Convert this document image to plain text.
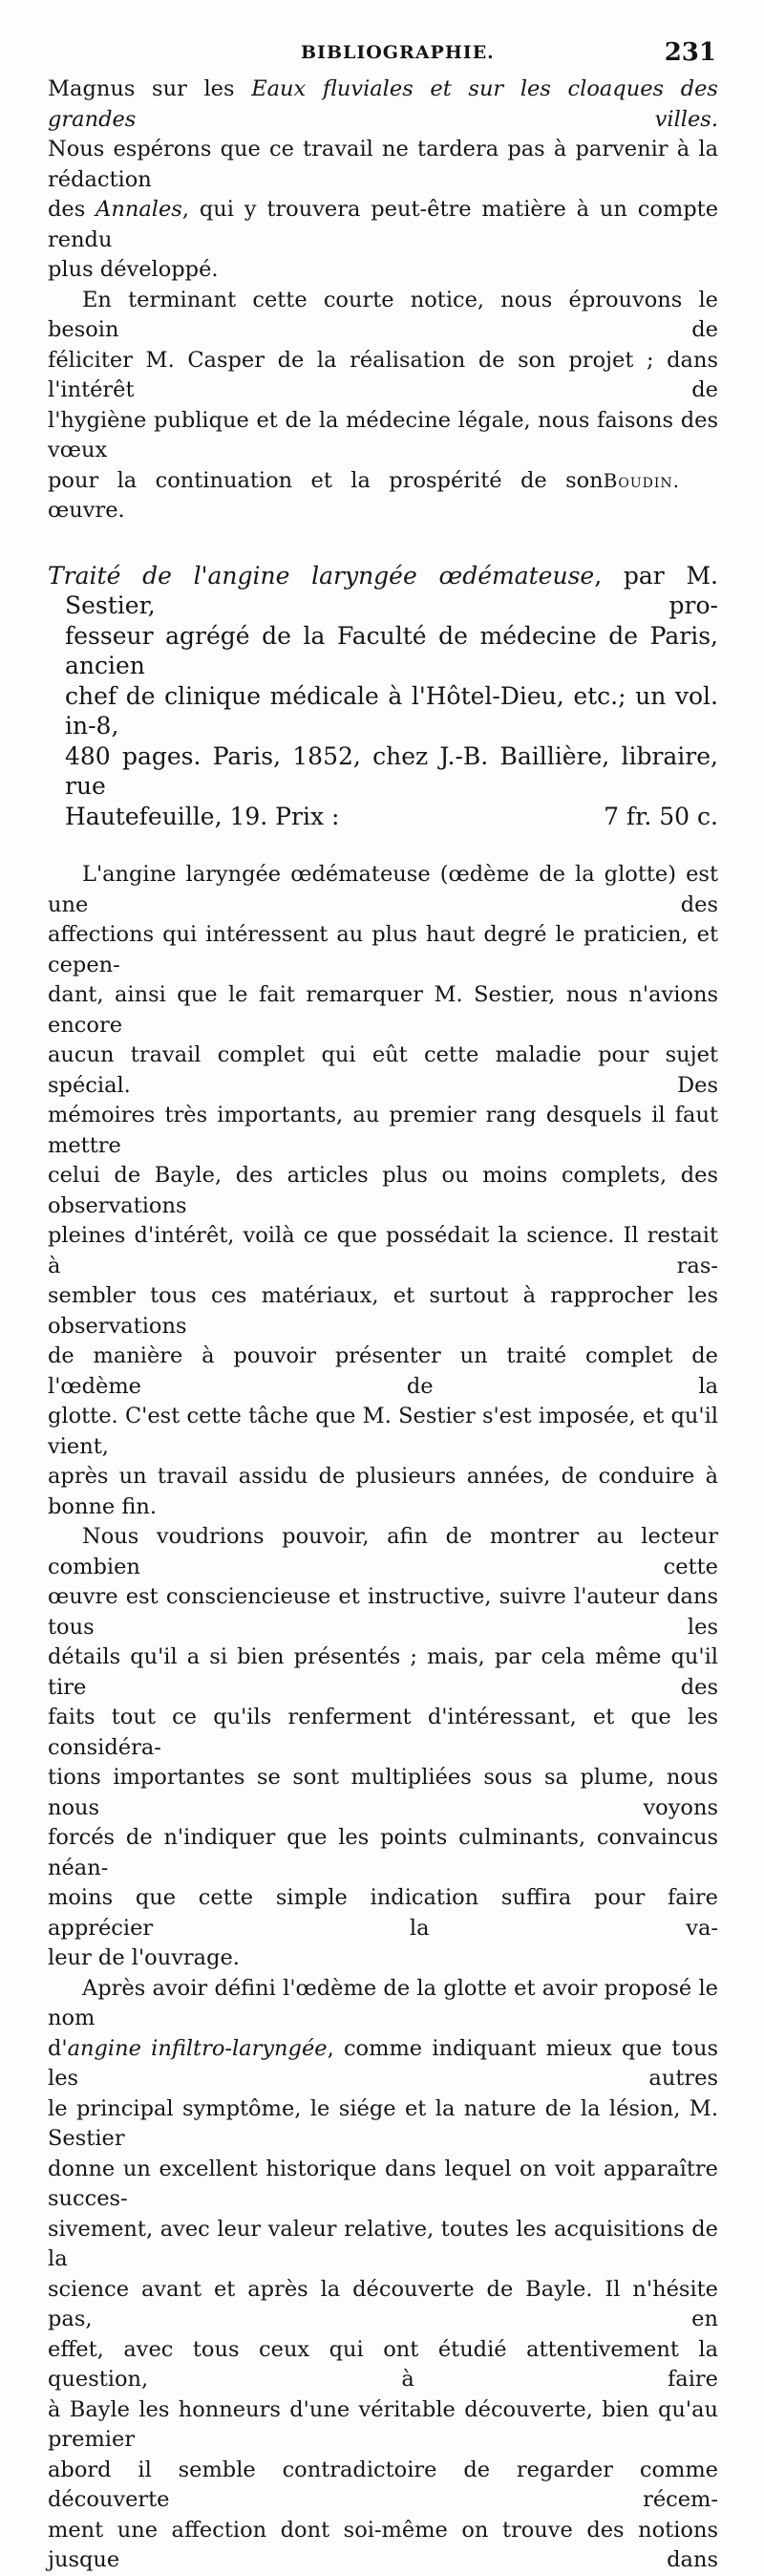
BIBLIOGRAPHIE.	231

Magnus sur les Eaux fluviales et sur les cloaques des grandes villes.

Nous espérons que ce travail ne tardera pas à parvenir à la rédaction

des Annales, qui y trouvera peut-être matière à un compte rendu

plus développé.

En terminant cette courte notice, nous éprouvons le besoin de

féliciter M. Casper de la réalisation de son projet ; dans l'intérêt de

l'hygiène publique et de la médecine légale, nous faisons des vœux

pour la continuation et la prospérité de son œuvre.
Boudin.

Traité de l'angine laryngée œdémateuse, par M. Sestier, pro-

fesseur agrégé de la Faculté de médecine de Paris, ancien

chef de clinique médicale à l'Hôtel-Dieu, etc.; un vol. in-8,

480 pages. Paris, 1852, chez J.-B. Baillière, libraire, rue

Hautefeuille, 19. Prix :	7 fr. 50 c.

L'angine laryngée œdémateuse (œdème de la glotte) est une des

affections qui intéressent au plus haut degré le praticien, et cepen-

dant, ainsi que le fait remarquer M. Sestier, nous n'avions encore

aucun travail complet qui eût cette maladie pour sujet spécial. Des

mémoires très importants, au premier rang desquels il faut mettre

celui de Bayle, des articles plus ou moins complets, des observations

pleines d'intérêt, voilà ce que possédait la science. Il restait à ras-

sembler tous ces matériaux, et surtout à rapprocher les observations

de manière à pouvoir présenter un traité complet de l'œdème de la

glotte. C'est cette tâche que M. Sestier s'est imposée, et qu'il vient,

après un travail assidu de plusieurs années, de conduire à bonne fin.

Nous voudrions pouvoir, afin de montrer au lecteur combien cette

œuvre est consciencieuse et instructive, suivre l'auteur dans tous les

détails qu'il a si bien présentés ; mais, par cela même qu'il tire des

faits tout ce qu'ils renferment d'intéressant, et que les considéra-

tions importantes se sont multipliées sous sa plume, nous nous voyons

forcés de n'indiquer que les points culminants, convaincus néan-

moins que cette simple indication suffira pour faire apprécier la va-

leur de l'ouvrage.

Après avoir défini l'œdème de la glotte et avoir proposé le nom

d'angine infiltro-laryngée, comme indiquant mieux que tous les autres

le principal symptôme, le siége et la nature de la lésion, M. Sestier

donne un excellent historique dans lequel on voit apparaître succes-

sivement, avec leur valeur relative, toutes les acquisitions de la

science avant et après la découverte de Bayle. Il n'hésite pas, en

effet, avec tous ceux qui ont étudié attentivement la question, à faire

à Bayle les honneurs d'une véritable découverte, bien qu'au premier

abord il semble contradictoire de regarder comme découverte récem-

ment une affection dont soi-même on trouve des notions jusque dans
